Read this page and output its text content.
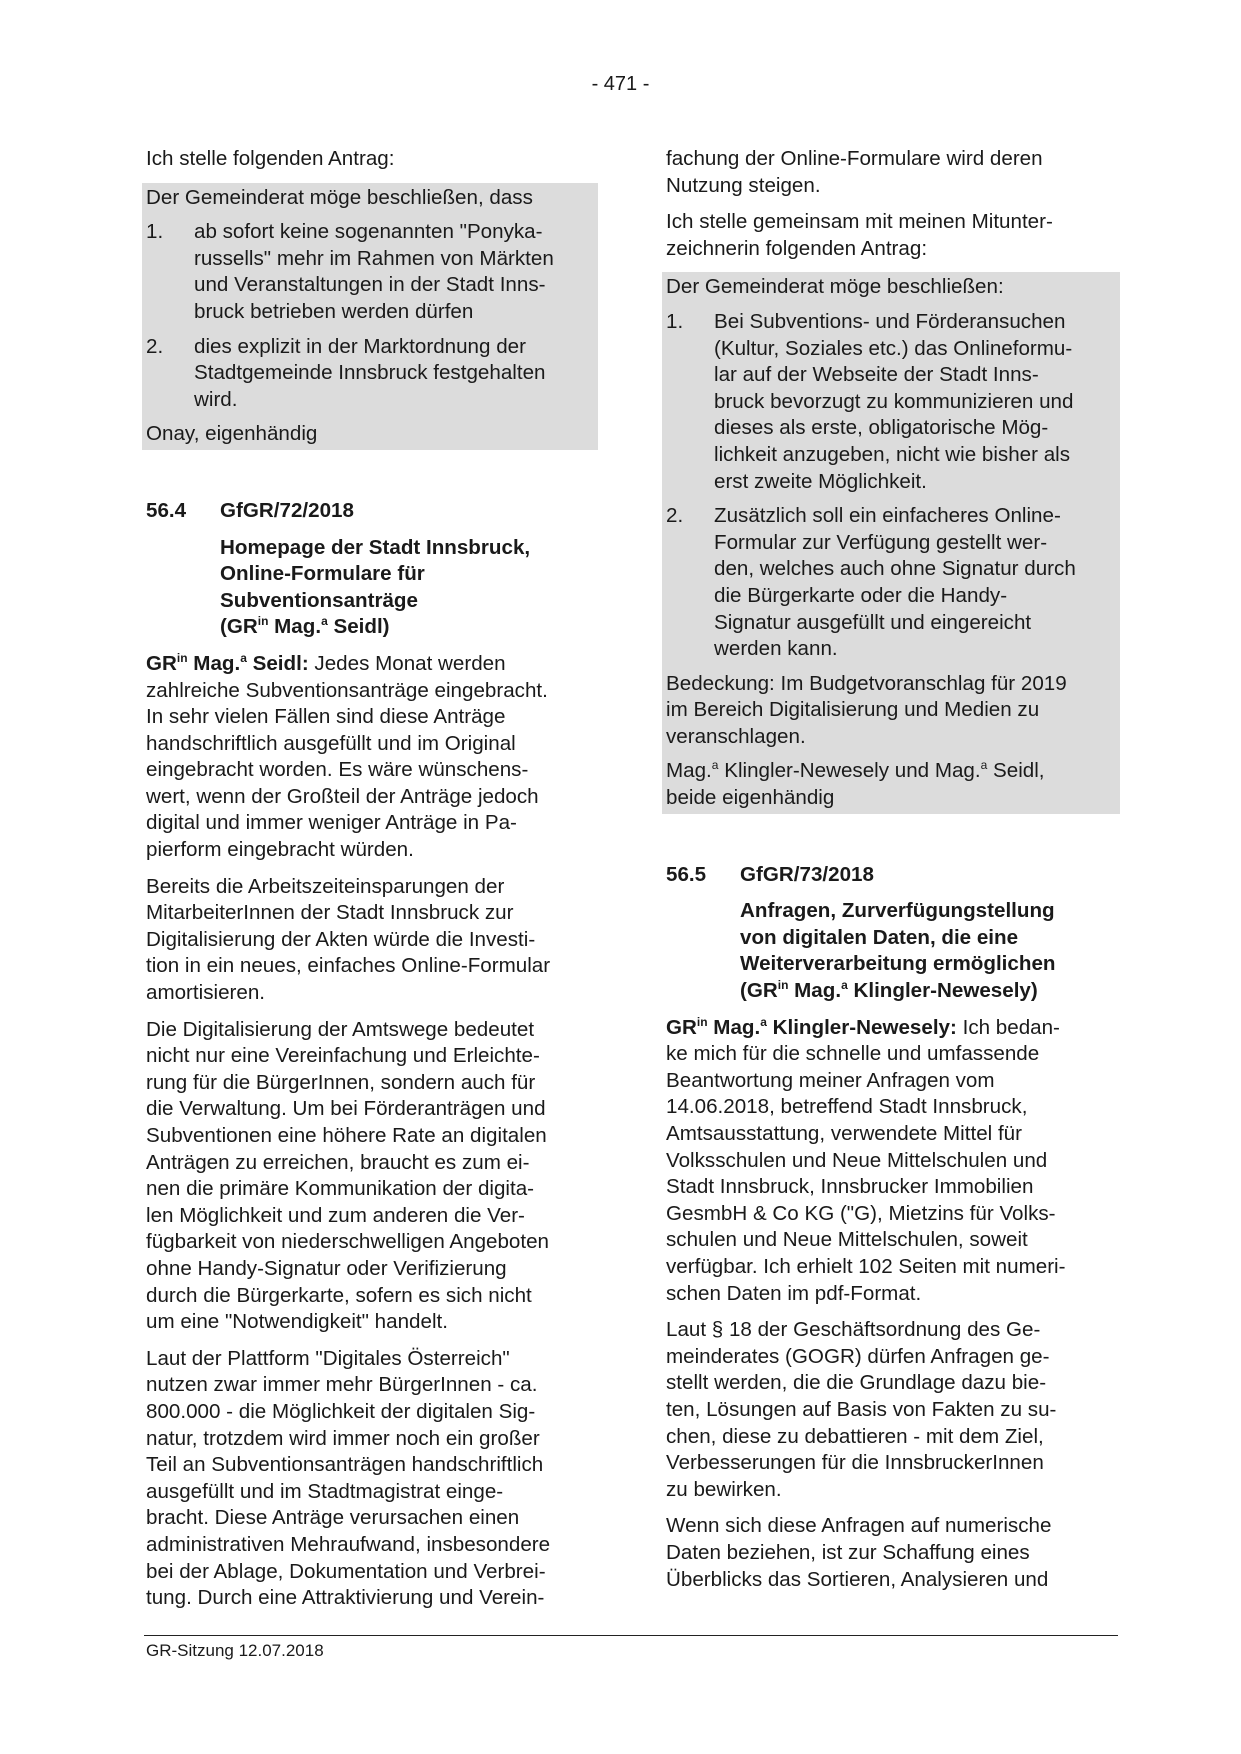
- 471 -

Ich stelle folgenden Antrag:

Der Gemeinderat möge beschließen, dass

1.	ab sofort keine sogenannten "Ponyka-
russells" mehr im Rahmen von Märkten
und Veranstaltungen in der Stadt Inns-
bruck betrieben werden dürfen
2.	dies explizit in der Marktordnung der
Stadtgemeinde Innsbruck festgehalten
wird.

Onay, eigenhändig

56.4	GfGR/72/2018
Homepage der Stadt Innsbruck,
Online-Formulare für
Subventionsanträge
($GR^{in}$ Mag.$^a$ Seidl)

$GR^{in}$ Mag.$^a$ Seidl: Jedes Monat werden
zahlreiche Subventionsanträge eingebracht.
In sehr vielen Fällen sind diese Anträge
handschriftlich ausgefüllt und im Original
eingebracht worden. Es wäre wünschens-
wert, wenn der Großteil der Anträge jedoch
digital und immer weniger Anträge in Pa-
pierform eingebracht würden.

Bereits die Arbeitszeiteinsparungen der
MitarbeiterInnen der Stadt Innsbruck zur
Digitalisierung der Akten würde die Investi-
tion in ein neues, einfaches Online-Formular
amortisieren.

Die Digitalisierung der Amtswege bedeutet
nicht nur eine Vereinfachung und Erleichte-
rung für die BürgerInnen, sondern auch für
die Verwaltung. Um bei Förderanträgen und
Subventionen eine höhere Rate an digitalen
Anträgen zu erreichen, braucht es zum ei-
nen die primäre Kommunikation der digita-
len Möglichkeit und zum anderen die Ver-
fügbarkeit von niederschwelligen Angeboten
ohne Handy-Signatur oder Verifizierung
durch die Bürgerkarte, sofern es sich nicht
um eine "Notwendigkeit" handelt.

Laut der Plattform "Digitales Österreich"
nutzen zwar immer mehr BürgerInnen - ca.
800.000 - die Möglichkeit der digitalen Sig-
natur, trotzdem wird immer noch ein großer
Teil an Subventionsanträgen handschriftlich
ausgefüllt und im Stadtmagistrat einge-
bracht. Diese Anträge verursachen einen
administrativen Mehraufwand, insbesondere
bei der Ablage, Dokumentation und Verbrei-
tung. Durch eine Attraktivierung und Verein-

fachung der Online-Formulare wird deren
Nutzung steigen.

Ich stelle gemeinsam mit meinen Mitunter-
zeichnerin folgenden Antrag:

Der Gemeinderat möge beschließen:

1.	Bei Subventions- und Förderansuchen
(Kultur, Soziales etc.) das Onlineformu-
lar auf der Webseite der Stadt Inns-
bruck bevorzugt zu kommunizieren und
dieses als erste, obligatorische Mög-
lichkeit anzugeben, nicht wie bisher als
erst zweite Möglichkeit.
2.	Zusätzlich soll ein einfacheres Online-
Formular zur Verfügung gestellt wer-
den, welches auch ohne Signatur durch
die Bürgerkarte oder die Handy-
Signatur ausgefüllt und eingereicht
werden kann.

Bedeckung: Im Budgetvoranschlag für 2019
im Bereich Digitalisierung und Medien zu
veranschlagen.

Mag.$^a$ Klingler-Newesely und Mag.$^a$ Seidl,
beide eigenhändig

56.5	GfGR/73/2018
Anfragen, Zurverfügungstellung
von digitalen Daten, die eine
Weiterverarbeitung ermöglichen
($GR^{in}$ Mag.$^a$ Klingler-Newesely)

$GR^{in}$ Mag.$^a$ Klingler-Newesely: Ich bedan-
ke mich für die schnelle und umfassende
Beantwortung meiner Anfragen vom
14.06.2018, betreffend Stadt Innsbruck,
Amtsausstattung, verwendete Mittel für
Volksschulen und Neue Mittelschulen und
Stadt Innsbruck, Innsbrucker Immobilien
GesmbH & Co KG ("G), Mietzins für Volks-
schulen und Neue Mittelschulen, soweit
verfügbar. Ich erhielt 102 Seiten mit numeri-
schen Daten im pdf-Format.

Laut § 18 der Geschäftsordnung des Ge-
meinderates (GOGR) dürfen Anfragen ge-
stellt werden, die die Grundlage dazu bie-
ten, Lösungen auf Basis von Fakten zu su-
chen, diese zu debattieren - mit dem Ziel,
Verbesserungen für die InnsbruckerInnen
zu bewirken.

Wenn sich diese Anfragen auf numerische
Daten beziehen, ist zur Schaffung eines
Überblicks das Sortieren, Analysieren und

GR-Sitzung 12.07.2018
